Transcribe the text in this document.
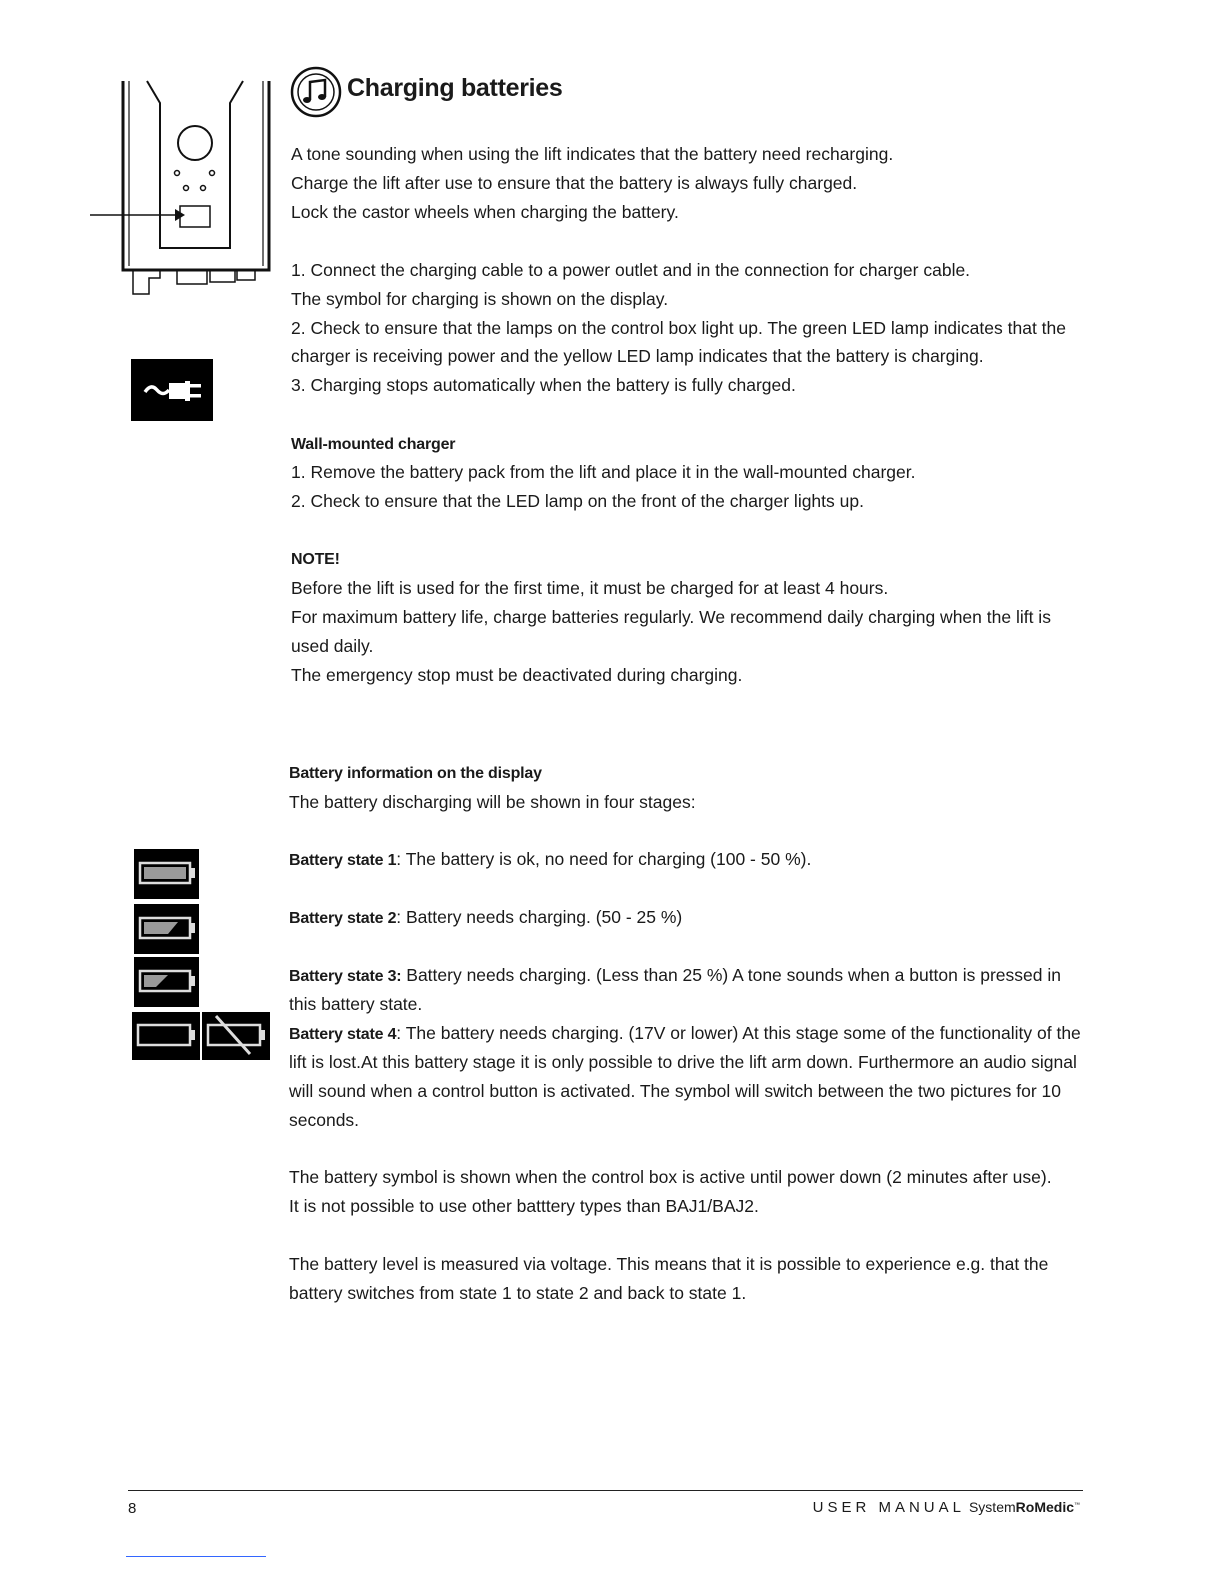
Charging batteries
A tone sounding when using the lift indicates that the battery need recharging.
Charge the lift after use to ensure that the battery is always fully charged.
Lock the castor wheels when charging the battery.
1. Connect the charging cable to a power outlet and in the connection for charger cable.
The symbol for charging is shown on the display.
2. Check to ensure that the lamps on the control box light up. The green LED lamp indicates that the
charger is receiving power and the yellow LED lamp indicates that the battery is charging.
3. Charging stops automatically when the battery is fully charged.
Wall-mounted charger
1. Remove the battery pack from the lift and place it in the wall-mounted charger.
2. Check to ensure that the LED lamp on the front of the charger lights up.
NOTE!
Before the lift is used for the first time, it must be charged for at least 4 hours.
For maximum battery life, charge batteries regularly. We recommend daily charging when the lift is
used daily.
The emergency stop must be deactivated during charging.
Battery information on the display
The battery discharging will be shown in four stages:
Battery state 1: The battery is ok, no need for charging (100 - 50 %).
Battery state 2: Battery needs charging. (50 - 25 %)
Battery state 3: Battery needs charging. (Less than 25 %) A tone sounds when a button is pressed in
this battery state.
Battery state 4: The battery needs charging. (17V or lower) At this stage some of the functionality of the
lift is lost.At this battery stage it is only possible to drive the lift arm down. Furthermore an audio signal
will sound when a control button is activated. The symbol will switch between the two pictures for 10
seconds.
The battery symbol is shown when the control box is active until power down (2 minutes after use).
It is not possible to use other batttery types than BAJ1/BAJ2.
The battery level is measured via voltage. This means that it is possible to experience e.g. that the
battery switches from state 1 to state 2 and back to state 1.
8	USER MANUAL SystemRoMedic™
